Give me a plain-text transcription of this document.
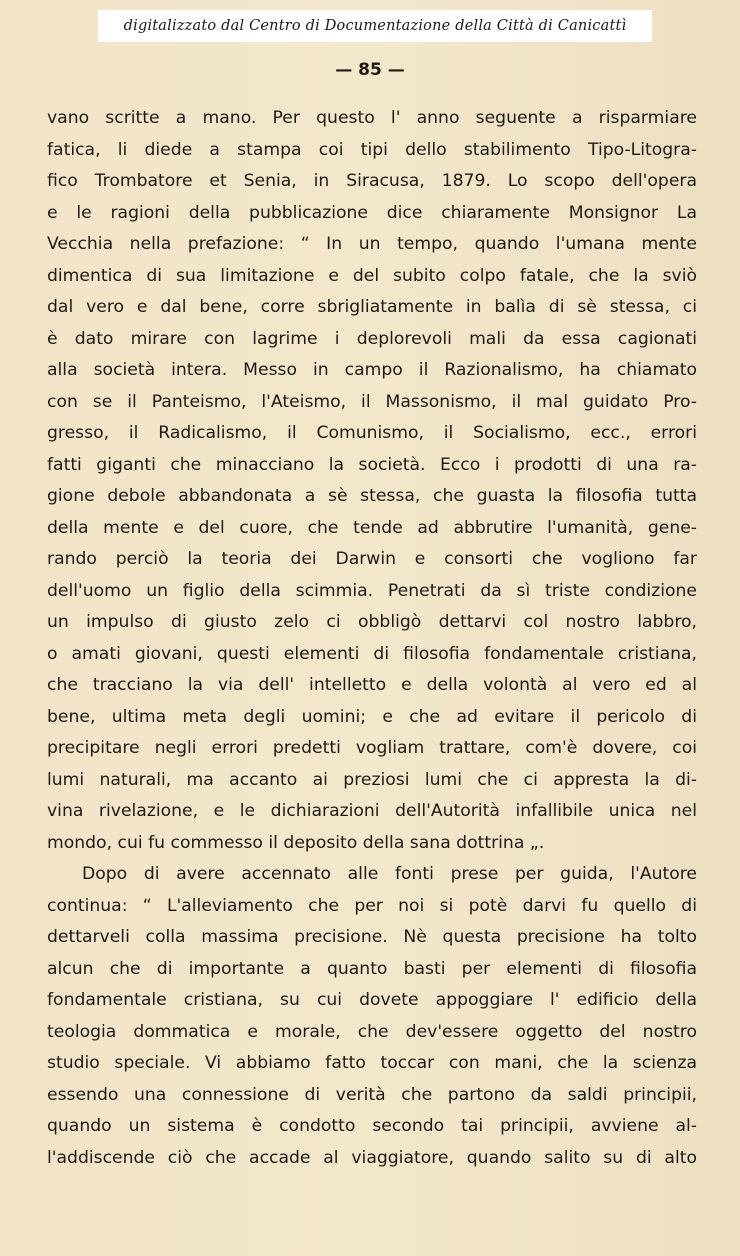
digitalizzato dal Centro di Documentazione della Città di Canicattì
— 85 —
vano scritte a mano. Per questo l' anno seguente a risparmiare
fatica, li diede a stampa coi tipi dello stabilimento Tipo-Litogra-
fico Trombatore et Senia, in Siracusa, 1879. Lo scopo dell'opera
e le ragioni della pubblicazione dice chiaramente Monsignor La
Vecchia nella prefazione: “ In un tempo, quando l'umana mente
dimentica di sua limitazione e del subito colpo fatale, che la sviò
dal vero e dal bene, corre sbrigliatamente in balìa di sè stessa, ci
è dato mirare con lagrime i deplorevoli mali da essa cagionati
alla società intera. Messo in campo il Razionalismo, ha chiamato
con se il Panteismo, l'Ateismo, il Massonismo, il mal guidato Pro-
gresso, il Radicalismo, il Comunismo, il Socialismo, ecc., errori
fatti giganti che minacciano la società. Ecco i prodotti di una ra-
gione debole abbandonata a sè stessa, che guasta la filosofia tutta
della mente e del cuore, che tende ad abbrutire l'umanità, gene-
rando perciò la teoria dei Darwin e consorti che vogliono far
dell'uomo un figlio della scimmia. Penetrati da sì triste condizione
un impulso di giusto zelo ci obbligò dettarvi col nostro labbro,
o amati giovani, questi elementi di filosofia fondamentale cristiana,
che tracciano la via dell' intelletto e della volontà al vero ed al
bene, ultima meta degli uomini; e che ad evitare il pericolo di
precipitare negli errori predetti vogliam trattare, com'è dovere, coi
lumi naturali, ma accanto ai preziosi lumi che ci appresta la di-
vina rivelazione, e le dichiarazioni dell'Autorità infallibile unica nel
mondo, cui fu commesso il deposito della sana dottrina „.
Dopo di avere accennato alle fonti prese per guida, l'Autore
continua: “ L'alleviamento che per noi si potè darvi fu quello di
dettarveli colla massima precisione. Nè questa precisione ha tolto
alcun che di importante a quanto basti per elementi di filosofia
fondamentale cristiana, su cui dovete appoggiare l' edificio della
teologia dommatica e morale, che dev'essere oggetto del nostro
studio speciale. Vi abbiamo fatto toccar con mani, che la scienza
essendo una connessione di verità che partono da saldi principii,
quando un sistema è condotto secondo tai principii, avviene al-
l'addiscende ciò che accade al viaggiatore, quando salito su di alto
